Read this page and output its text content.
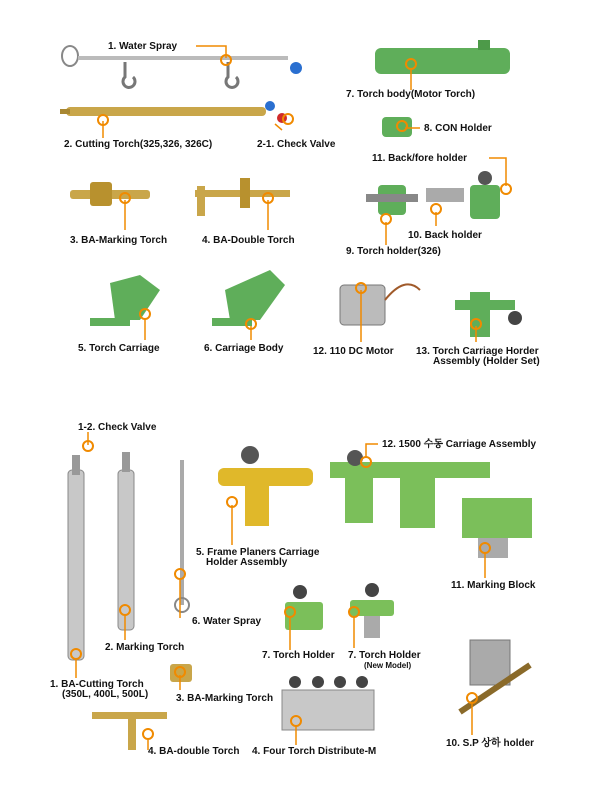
1. Water Spray
2. Cutting Torch(325,326, 326C)	2-1. Check Valve
7. Torch body(Motor Torch)
8. CON Holder
11. Back/fore holder
3. BA-Marking Torch	4. BA-Double Torch	10. Back holder
9. Torch holder(326)
5. Torch Carriage	6. Carriage Body	12. 110 DC Motor 13. Torch Carriage Horder
Assembly (Holder Set)
1-2. Check Valve
12. 1500 수동 Carriage Assembly
5. Frame Planers Carriage
Holder Assembly
11. Marking Block
6. Water Spray
2. Marking Torch
7. Torch Holder 7. Torch Holder
(New Model)
1. BA-Cutting Torch
(350L, 400L, 500L)	3. BA-Marking Torch
4. BA-double Torch 4. Four Torch Distribute-M
10. S.P 상하 holder
